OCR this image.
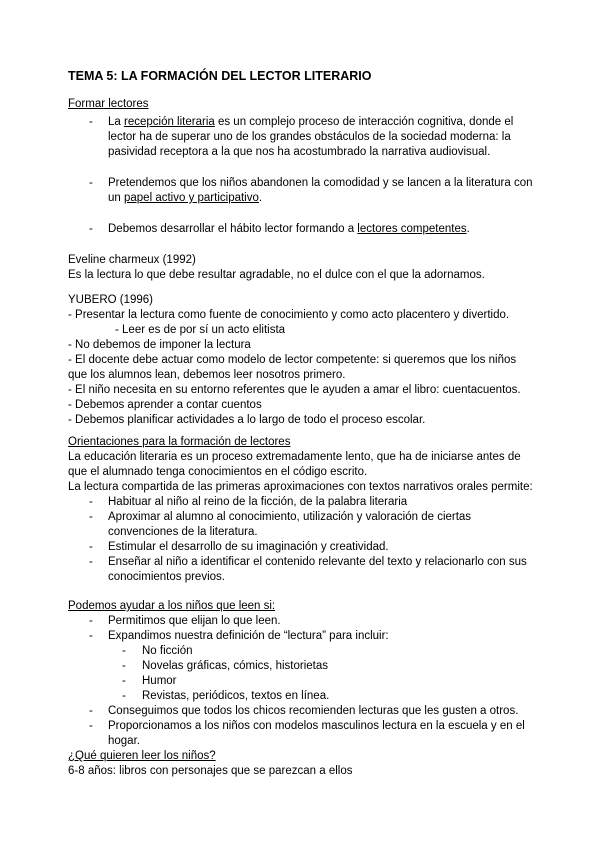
TEMA 5: LA FORMACIÓN DEL LECTOR LITERARIO

Formar lectores

-	La recepción literaria es un complejo proceso de interacción cognitiva, donde el lector ha de superar uno de los grandes obstáculos de la sociedad moderna: la pasividad receptora a la que nos ha acostumbrado la narrativa audiovisual.
-	Pretendemos que los niños abandonen la comodidad y se lancen a la literatura con un papel activo y participativo.
-	Debemos desarrollar el hábito lector formando a lectores competentes.

Eveline charmeux (1992)

Es la lectura lo que debe resultar agradable, no el dulce con el que la adornamos.

YUBERO (1996)

- Presentar la lectura como fuente de conocimiento y como acto placentero y divertido.

- Leer es de por sí un acto elitista

- No debemos de imponer la lectura

- El docente debe actuar como modelo de lector competente: si queremos que los niños que los alumnos lean, debemos leer nosotros primero.

- El niño necesita en su entorno referentes que le ayuden a amar el libro: cuentacuentos.

- Debemos aprender a contar cuentos

- Debemos planificar actividades a lo largo de todo el proceso escolar.

Orientaciones para la formación de lectores

La educación literaria es un proceso extremadamente lento, que ha de iniciarse antes de que el alumnado tenga conocimientos en el código escrito.

La lectura compartida de las primeras aproximaciones con textos narrativos orales permite:

-	Habituar al niño al reino de la ficción, de la palabra literaria
-	Aproximar al alumno al conocimiento, utilización y valoración de ciertas convenciones de la literatura.
-	Estimular el desarrollo de su imaginación y creatividad.
-	Enseñar al niño a identificar el contenido relevante del texto y relacionarlo con sus conocimientos previos.

Podemos ayudar a los niños que leen si:

-	Permitimos que elijan lo que leen.
-	Expandimos nuestra definición de “lectura” para incluir:
-	No ficción
-	Novelas gráficas, cómics, historietas
-	Humor
-	Revistas, periódicos, textos en línea.
-	Conseguimos que todos los chicos recomienden lecturas que les gusten a otros.
-	Proporcionamos a los niños con modelos masculinos lectura en la escuela y en el hogar.

¿Qué quieren leer los niños?

6-8 años: libros con personajes que se parezcan a ellos
